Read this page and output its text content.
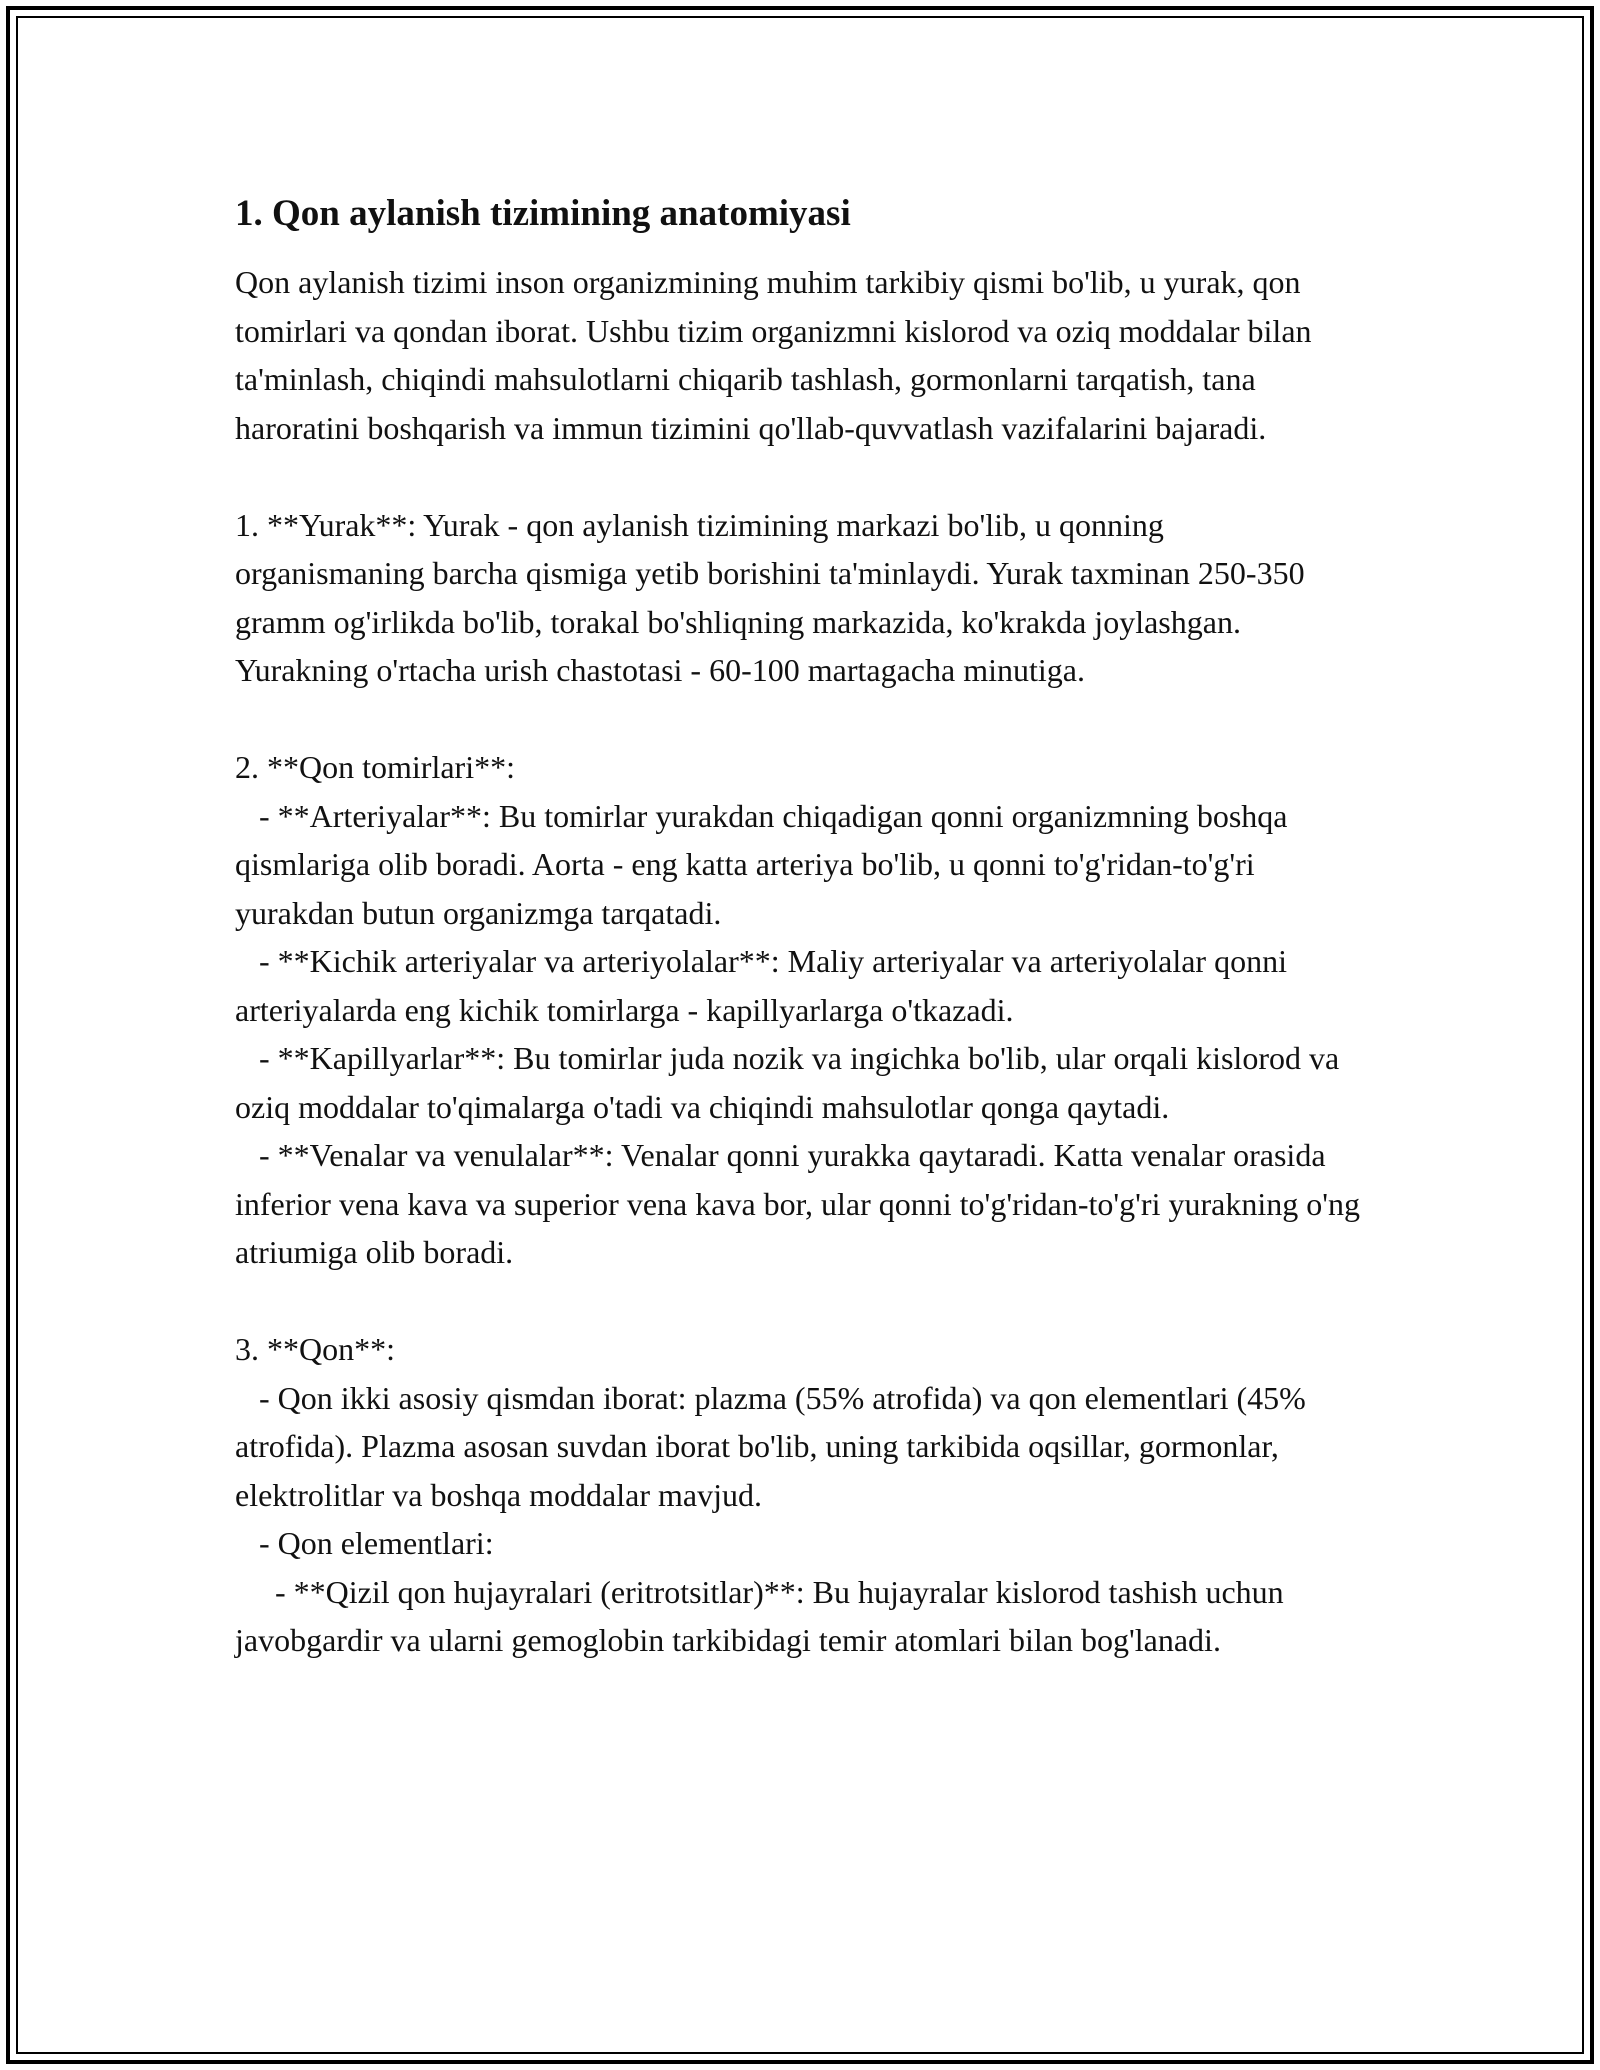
1. Qon aylanish tizimining anatomiyasi

Qon aylanish tizimi inson organizmining muhim tarkibiy qismi bo'lib, u yurak, qon tomirlari va qondan iborat. Ushbu tizim organizmni kislorod va oziq moddalar bilan ta'minlash, chiqindi mahsulotlarni chiqarib tashlash, gormonlarni tarqatish, tana haroratini boshqarish va immun tizimini qo'llab-quvvatlash vazifalarini bajaradi.

1. **Yurak**: Yurak - qon aylanish tizimining markazi bo'lib, u qonning organismaning barcha qismiga yetib borishini ta'minlaydi. Yurak taxminan 250-350 gramm og'irlikda bo'lib, torakal bo'shliqning markazida, ko'krakda joylashgan. Yurakning o'rtacha urish chastotasi - 60-100 martagacha minutiga.

2. **Qon tomirlari**:
- **Arteriyalar**: Bu tomirlar yurakdan chiqadigan qonni organizmning boshqa qismlariga olib boradi. Aorta - eng katta arteriya bo'lib, u qonni to'g'ridan-to'g'ri yurakdan butun organizmga tarqatadi.
- **Kichik arteriyalar va arteriyolalar**: Maliy arteriyalar va arteriyolalar qonni arteriyalarda eng kichik tomirlarga - kapillyarlarga o'tkazadi.
- **Kapillyarlar**: Bu tomirlar juda nozik va ingichka bo'lib, ular orqali kislorod va oziq moddalar to'qimalarga o'tadi va chiqindi mahsulotlar qonga qaytadi.
- **Venalar va venulalar**: Venalar qonni yurakka qaytaradi. Katta venalar orasida inferior vena kava va superior vena kava bor, ular qonni to'g'ridan-to'g'ri yurakning o'ng atriumiga olib boradi.

3. **Qon**:
- Qon ikki asosiy qismdan iborat: plazma (55% atrofida) va qon elementlari (45% atrofida). Plazma asosan suvdan iborat bo'lib, uning tarkibida oqsillar, gormonlar, elektrolitlar va boshqa moddalar mavjud.
- Qon elementlari:
- **Qizil qon hujayralari (eritrotsitlar)**: Bu hujayralar kislorod tashish uchun javobgardir va ularni gemoglobin tarkibidagi temir atomlari bilan bog'lanadi.
